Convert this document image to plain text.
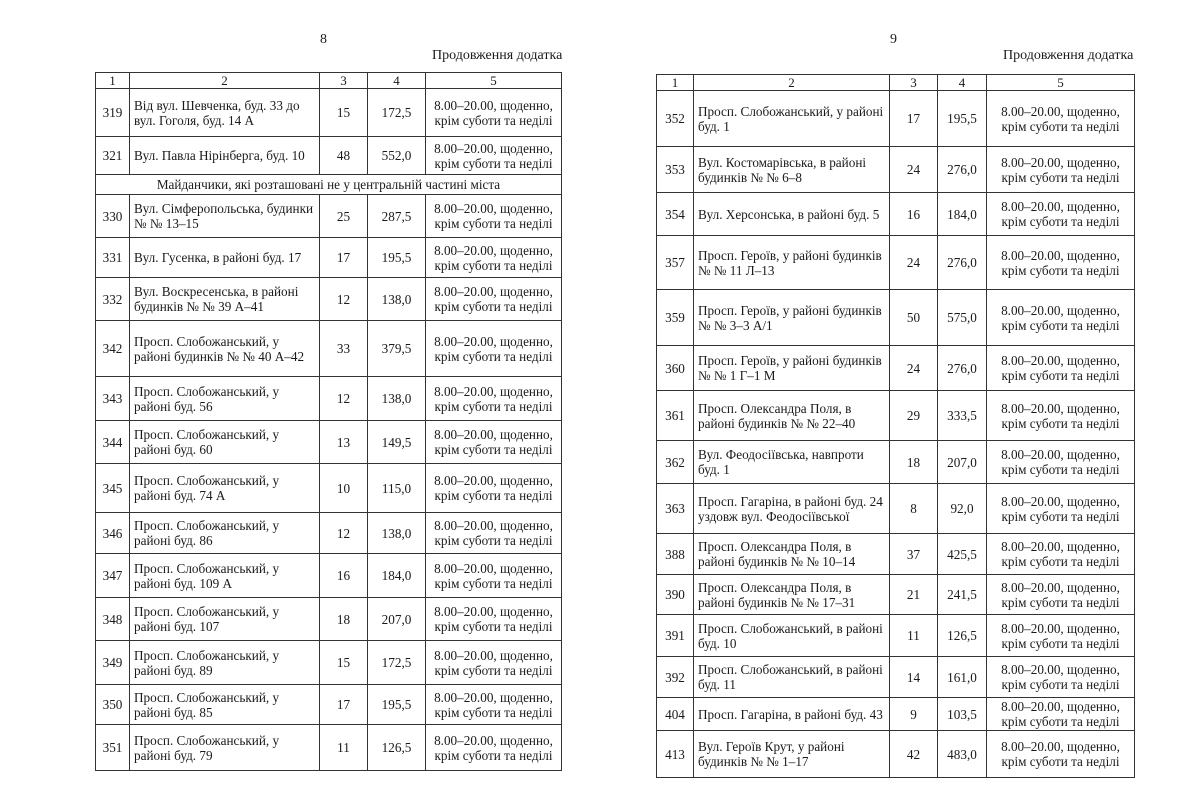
8
Продовження додатка
1	2	3	4	5
319	Від вул. Шевченка, буд. 33 до вул. Гоголя, буд. 14 А	15	172,5	8.00–20.00, щоденно, крім суботи та неділі
321	Вул. Павла Нірінберга, буд. 10	48	552,0	8.00–20.00, щоденно, крім суботи та неділі
Майданчики, які розташовані не у центральній частині міста				
330	Вул. Сімферопольська, будинки № № 13–15	25	287,5	8.00–20.00, щоденно, крім суботи та неділі
331	Вул. Гусенка, в районі буд. 17	17	195,5	8.00–20.00, щоденно, крім суботи та неділі
332	Вул. Воскресенська, в районі будинків № № 39 А–41	12	138,0	8.00–20.00, щоденно, крім суботи та неділі
342	Просп. Слобожанський, у районі будинків № № 40 А–42	33	379,5	8.00–20.00, щоденно, крім суботи та неділі
343	Просп. Слобожанський, у районі буд. 56	12	138,0	8.00–20.00, щоденно, крім суботи та неділі
344	Просп. Слобожанський, у районі буд. 60	13	149,5	8.00–20.00, щоденно, крім суботи та неділі
345	Просп. Слобожанський, у районі буд. 74 А	10	115,0	8.00–20.00, щоденно, крім суботи та неділі
346	Просп. Слобожанський, у районі буд. 86	12	138,0	8.00–20.00, щоденно, крім суботи та неділі
347	Просп. Слобожанський, у районі буд. 109 А	16	184,0	8.00–20.00, щоденно, крім суботи та неділі
348	Просп. Слобожанський, у районі буд. 107	18	207,0	8.00–20.00, щоденно, крім суботи та неділі
349	Просп. Слобожанський, у районі буд. 89	15	172,5	8.00–20.00, щоденно, крім суботи та неділі
350	Просп. Слобожанський, у районі буд. 85	17	195,5	8.00–20.00, щоденно, крім суботи та неділі
351	Просп. Слобожанський, у районі буд. 79	11	126,5	8.00–20.00, щоденно, крім суботи та неділі
9
Продовження додатка
1	2	3	4	5
352	Просп. Слобожанський, у районі буд. 1	17	195,5	8.00–20.00, щоденно, крім суботи та неділі
353	Вул. Костомарівська, в районі будинків № № 6–8	24	276,0	8.00–20.00, щоденно, крім суботи та неділі
354	Вул. Херсонська, в районі буд. 5	16	184,0	8.00–20.00, щоденно, крім суботи та неділі
357	Просп. Героїв, у районі будинків № № 11 Л–13	24	276,0	8.00–20.00, щоденно, крім суботи та неділі
359	Просп. Героїв, у районі будинків № № 3–3 А/1	50	575,0	8.00–20.00, щоденно, крім суботи та неділі
360	Просп. Героїв, у районі будинків № № 1 Г–1 М	24	276,0	8.00–20.00, щоденно, крім суботи та неділі
361	Просп. Олександра Поля, в районі будинків № № 22–40	29	333,5	8.00–20.00, щоденно, крім суботи та неділі
362	Вул. Феодосіївська, навпроти буд. 1	18	207,0	8.00–20.00, щоденно, крім суботи та неділі
363	Просп. Гагаріна, в районі буд. 24 уздовж вул. Феодосіївської	8	92,0	8.00–20.00, щоденно, крім суботи та неділі
388	Просп. Олександра Поля, в районі будинків № № 10–14	37	425,5	8.00–20.00, щоденно, крім суботи та неділі
390	Просп. Олександра Поля, в районі будинків № № 17–31	21	241,5	8.00–20.00, щоденно, крім суботи та неділі
391	Просп. Слобожанський, в районі буд. 10	11	126,5	8.00–20.00, щоденно, крім суботи та неділі
392	Просп. Слобожанський, в районі буд. 11	14	161,0	8.00–20.00, щоденно, крім суботи та неділі
404	Просп. Гагаріна, в районі буд. 43	9	103,5	8.00–20.00, щоденно, крім суботи та неділі
413	Вул. Героїв Крут, у районі будинків № № 1–17	42	483,0	8.00–20.00, щоденно, крім суботи та неділі
